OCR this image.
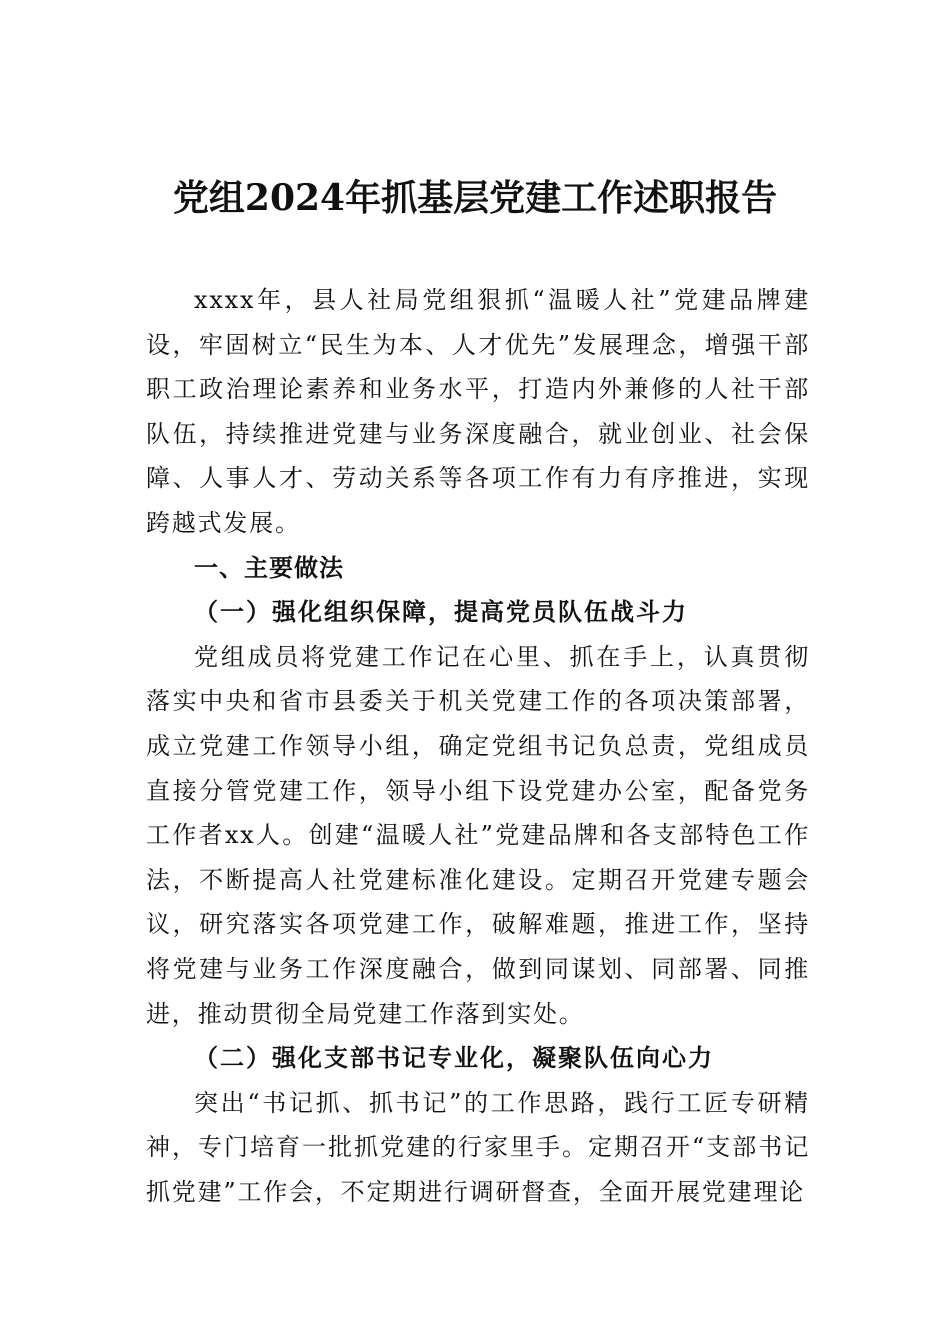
党组2024年抓基层党建工作述职报告

xxxx年，县人社局党组狠抓“温暖人社”党建品牌建设，牢固树立“民生为本、人才优先”发展理念，增强干部职工政治理论素养和业务水平，打造内外兼修的人社干部队伍，持续推进党建与业务深度融合，就业创业、社会保障、人事人才、劳动关系等各项工作有力有序推进，实现跨越式发展。

一、主要做法

（一）强化组织保障，提高党员队伍战斗力

党组成员将党建工作记在心里、抓在手上，认真贯彻落实中央和省市县委关于机关党建工作的各项决策部署，成立党建工作领导小组，确定党组书记负总责，党组成员直接分管党建工作，领导小组下设党建办公室，配备党务工作者xx人。创建“温暖人社”党建品牌和各支部特色工作法，不断提高人社党建标准化建设。定期召开党建专题会议，研究落实各项党建工作，破解难题，推进工作，坚持将党建与业务工作深度融合，做到同谋划、同部署、同推进，推动贯彻全局党建工作落到实处。

（二）强化支部书记专业化，凝聚队伍向心力

突出“书记抓、抓书记”的工作思路，践行工匠专研精神，专门培育一批抓党建的行家里手。定期召开“支部书记抓党建”工作会，不定期进行调研督查，全面开展党建理论
